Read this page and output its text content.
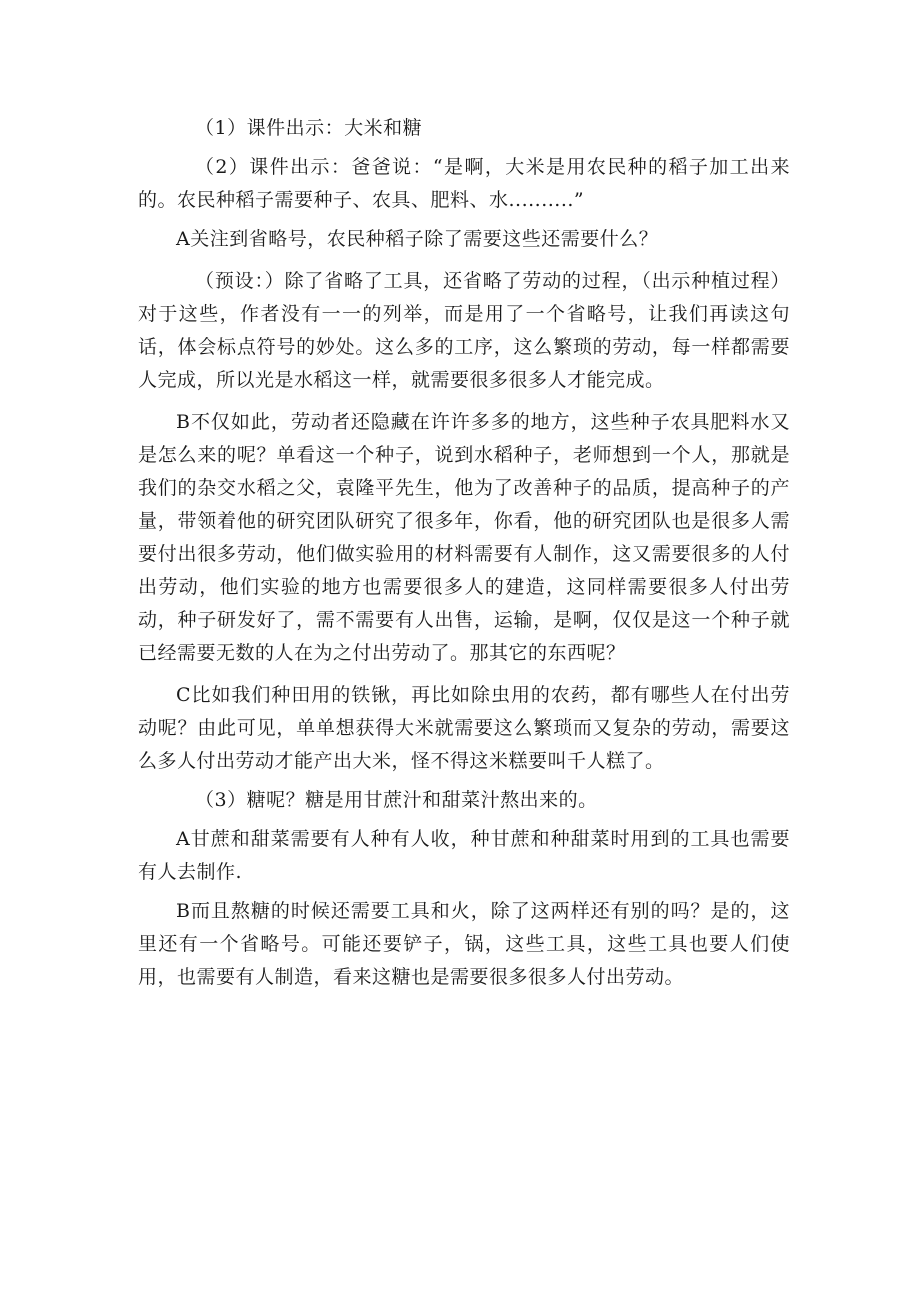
（1）课件出示：大米和糖

（2）课件出示：爸爸说：“是啊，大米是用农民种的稻子加工出来的。农民种稻子需要种子、农具、肥料、水..........”

A关注到省略号，农民种稻子除了需要这些还需要什么？

（预设：）除了省略了工具，还省略了劳动的过程，（出示种植过程）对于这些，作者没有一一的列举，而是用了一个省略号，让我们再读这句话，体会标点符号的妙处。这么多的工序，这么繁琐的劳动，每一样都需要人完成，所以光是水稻这一样，就需要很多很多人才能完成。

B不仅如此，劳动者还隐藏在许许多多的地方，这些种子农具肥料水又是怎么来的呢？单看这一个种子，说到水稻种子，老师想到一个人，那就是我们的杂交水稻之父，袁隆平先生，他为了改善种子的品质，提高种子的产量，带领着他的研究团队研究了很多年，你看，他的研究团队也是很多人需要付出很多劳动，他们做实验用的材料需要有人制作，这又需要很多的人付出劳动，他们实验的地方也需要很多人的建造，这同样需要很多人付出劳动，种子研发好了，需不需要有人出售，运输，是啊，仅仅是这一个种子就已经需要无数的人在为之付出劳动了。那其它的东西呢？

C比如我们种田用的铁锹，再比如除虫用的农药，都有哪些人在付出劳动呢？由此可见，单单想获得大米就需要这么繁琐而又复杂的劳动，需要这么多人付出劳动才能产出大米，怪不得这米糕要叫千人糕了。

（3）糖呢？糖是用甘蔗汁和甜菜汁熬出来的。

A甘蔗和甜菜需要有人种有人收，种甘蔗和种甜菜时用到的工具也需要有人去制作.

B而且熬糖的时候还需要工具和火，除了这两样还有别的吗？是的，这里还有一个省略号。可能还要铲子，锅，这些工具，这些工具也要人们使用，也需要有人制造，看来这糖也是需要很多很多人付出劳动。
